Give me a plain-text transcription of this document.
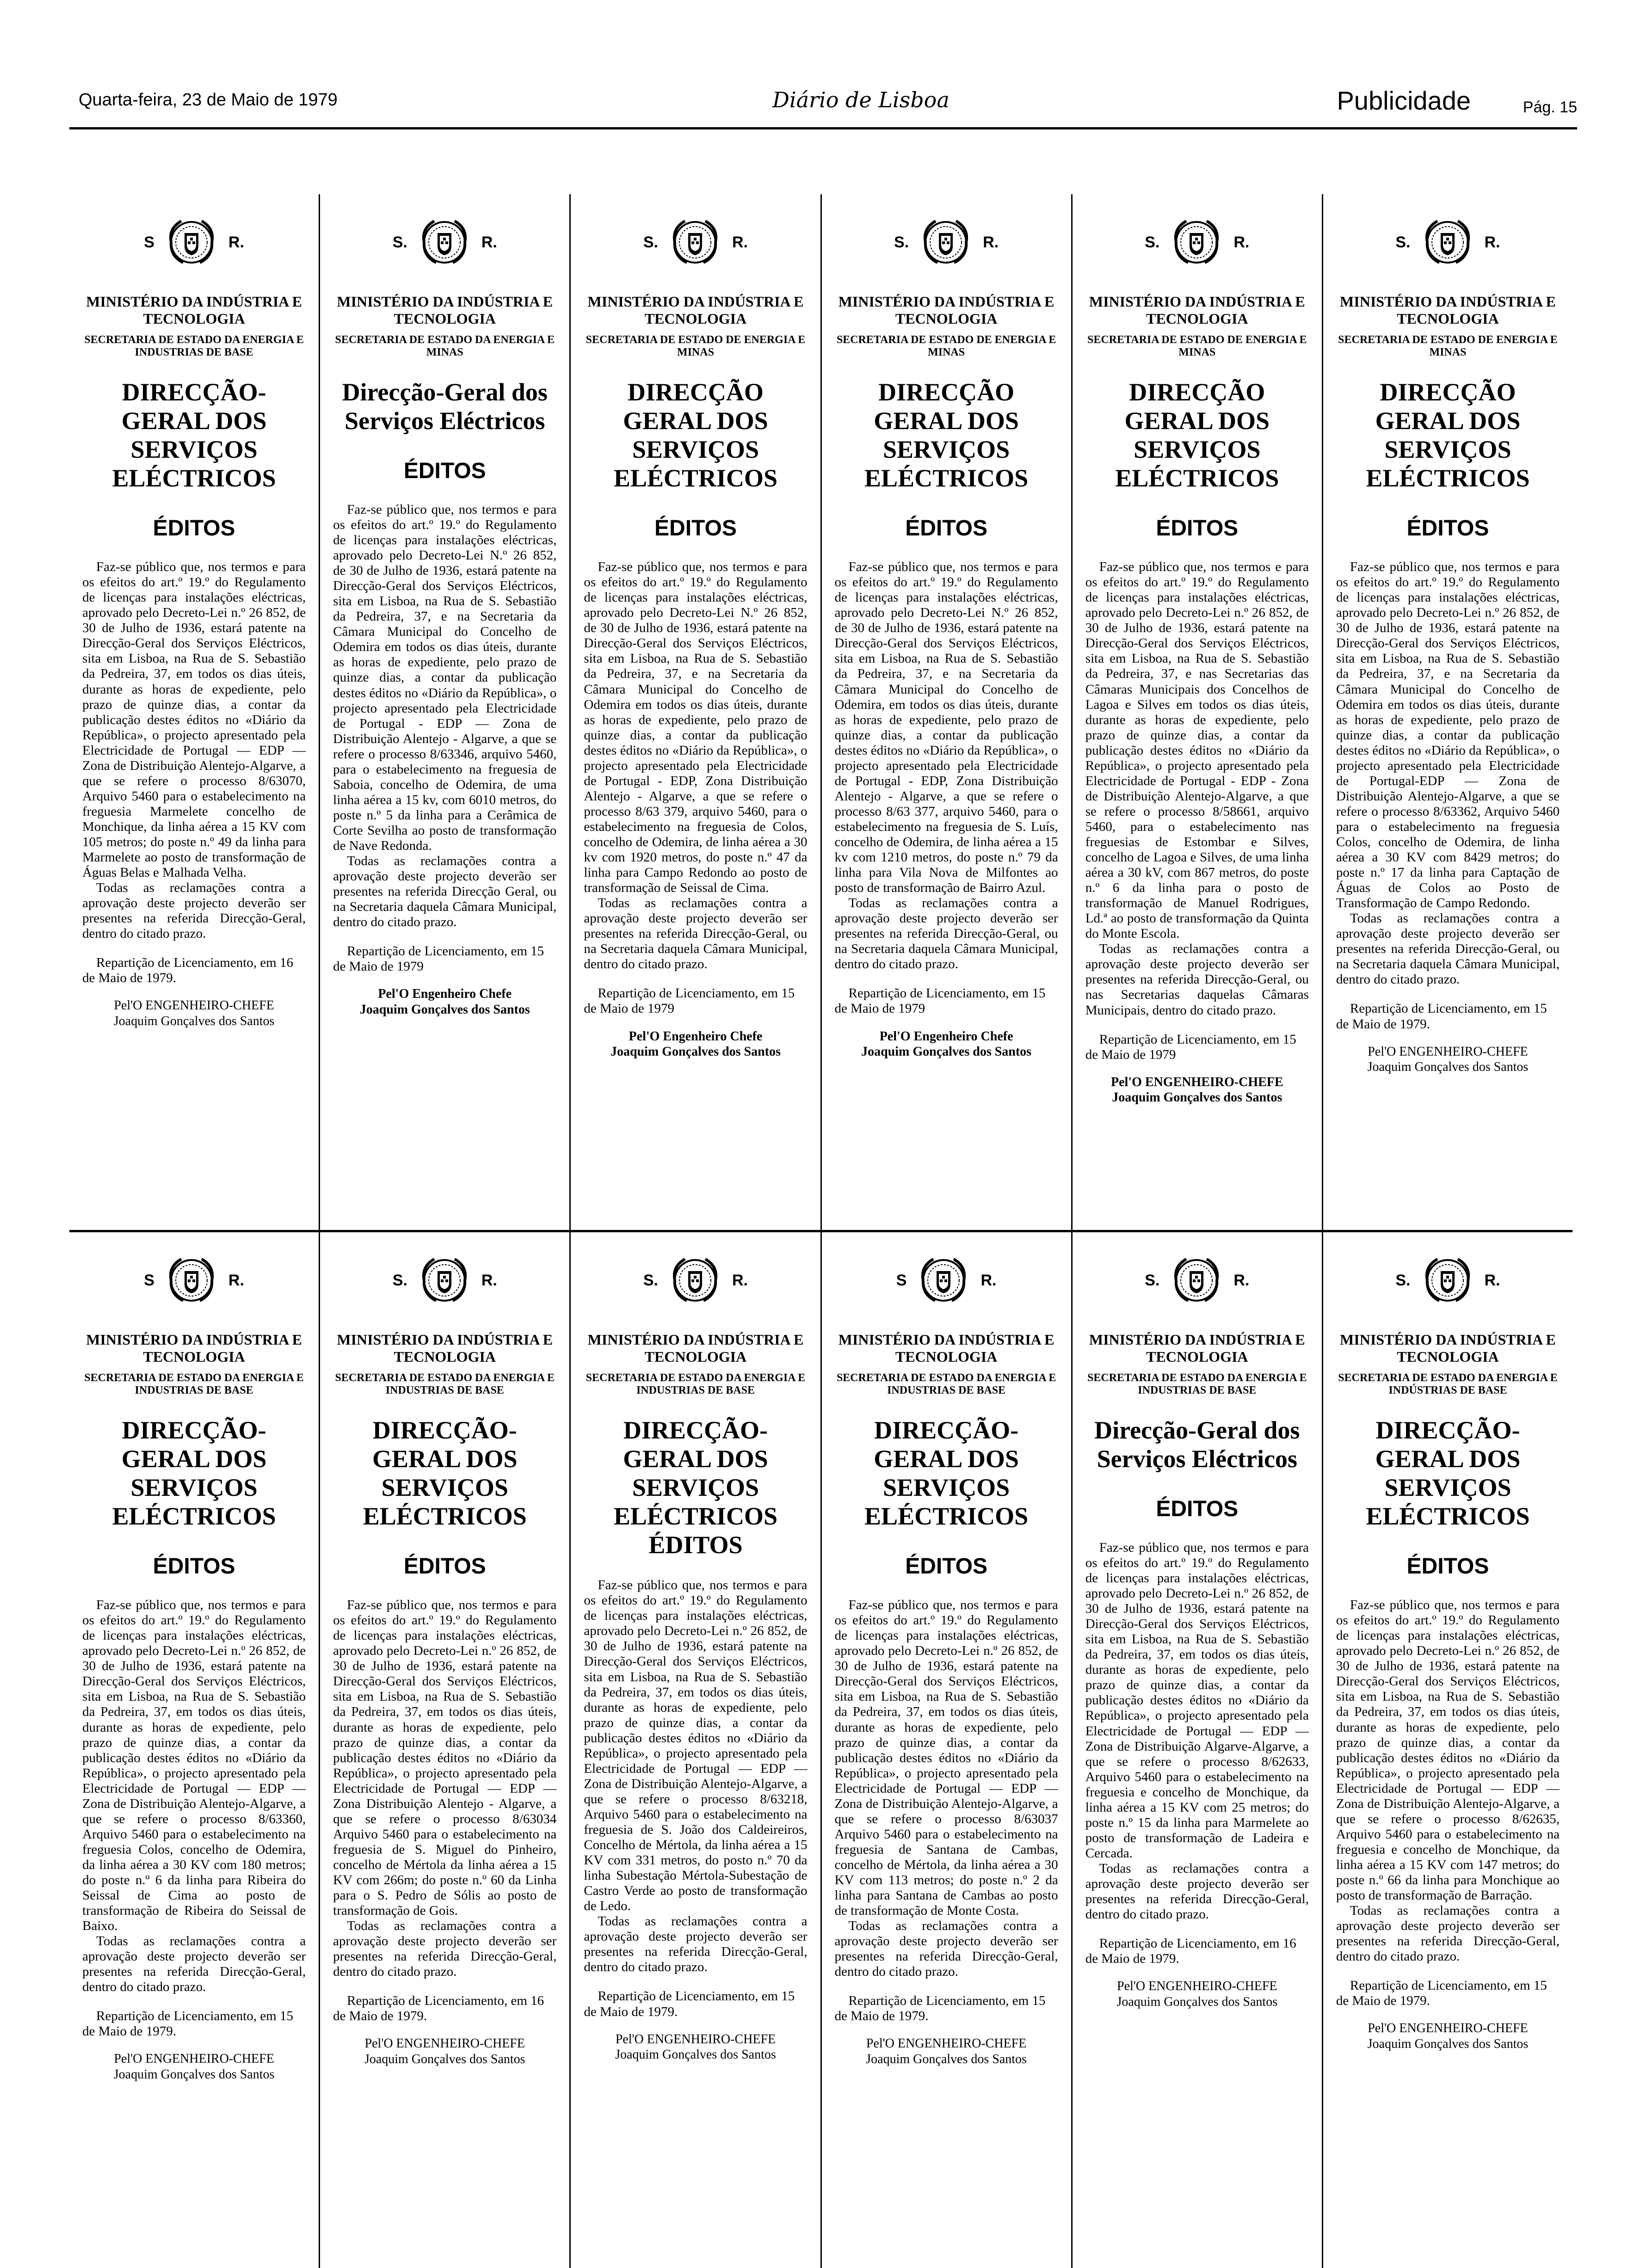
Quarta-feira, 23 de Maio de 1979	Diário de Lisboa	Publicidade	Pág. 15
S	R.
MINISTÉRIO DA INDÚSTRIA E TECNOLOGIA
SECRETARIA DE ESTADO DA ENERGIA E INDUSTRIAS DE BASE
DIRECÇÃO-GERAL DOS SERVIÇOS ELÉCTRICOS
ÉDITOS

Faz-se público que, nos termos e para os efeitos do art.º 19.º do Regulamento de licenças para instalações eléctricas, aprovado pelo Decreto-Lei n.º 26 852, de 30 de Julho de 1936, estará patente na Direcção-Geral dos Serviços Eléctricos, sita em Lisboa, na Rua de S. Sebastião da Pedreira, 37, em todos os dias úteis, durante as horas de expediente, pelo prazo de quinze dias, a contar da publicação destes éditos no «Diário da República», o projecto apresentado pela Electricidade de Portugal — EDP — Zona de Distribuição Alentejo-Algarve, a que se refere o processo 8/63070, Arquivo 5460 para o estabelecimento na freguesia Marmelete concelho de Monchique, da linha aérea a 15 KV com 105 metros; do poste n.º 49 da linha para Marmelete ao posto de transformação de Águas Belas e Malhada Velha.

Todas as reclamações contra a aprovação deste projecto deverão ser presentes na referida Direcção-Geral, dentro do citado prazo.

Repartição de Licenciamento, em 16 de Maio de 1979.
Pel'O ENGENHEIRO-CHEFE
Joaquim Gonçalves dos Santos
S.	R.
MINISTÉRIO DA INDÚSTRIA E TECNOLOGIA
SECRETARIA DE ESTADO DA ENERGIA E MINAS
Direcção-Geral dos Serviços Eléctricos
ÉDITOS

Faz-se público que, nos termos e para os efeitos do art.º 19.º do Regulamento de licenças para instalações eléctricas, aprovado pelo Decreto-Lei N.º 26 852, de 30 de Julho de 1936, estará patente na Direcção-Geral dos Serviços Eléctricos, sita em Lisboa, na Rua de S. Sebastião da Pedreira, 37, e na Secretaria da Câmara Municipal do Concelho de Odemira em todos os dias úteis, durante as horas de expediente, pelo prazo de quinze dias, a contar da publicação destes éditos no «Diário da República», o projecto apresentado pela Electricidade de Portugal - EDP — Zona de Distribuição Alentejo - Algarve, a que se refere o processo 8/63346, arquivo 5460, para o estabelecimento na freguesia de Saboia, concelho de Odemira, de uma linha aérea a 15 kv, com 6010 metros, do poste n.º 5 da linha para a Cerâmica de Corte Sevilha ao posto de transformação de Nave Redonda.

Todas as reclamações contra a aprovação deste projecto deverão ser presentes na referida Direcção Geral, ou na Secretaria daquela Câmara Municipal, dentro do citado prazo.

Repartição de Licenciamento, em 15 de Maio de 1979
Pel'O Engenheiro Chefe
Joaquim Gonçalves dos Santos
S.	R.
MINISTÉRIO DA INDÚSTRIA E TECNOLOGIA
SECRETARIA DE ESTADO DE ENERGIA E MINAS
DIRECÇÃO GERAL DOS SERVIÇOS ELÉCTRICOS
ÉDITOS

Faz-se público que, nos termos e para os efeitos do art.º 19.º do Regulamento de licenças para instalações eléctricas, aprovado pelo Decreto-Lei N.º 26 852, de 30 de Julho de 1936, estará patente na Direcção-Geral dos Serviços Eléctricos, sita em Lisboa, na Rua de S. Sebastião da Pedreira, 37, e na Secretaria da Câmara Municipal do Concelho de Odemira em todos os dias úteis, durante as horas de expediente, pelo prazo de quinze dias, a contar da publicação destes éditos no «Diário da República», o projecto apresentado pela Electricidade de Portugal - EDP, Zona Distribuição Alentejo - Algarve, a que se refere o processo 8/63 379, arquivo 5460, para o estabelecimento na freguesia de Colos, concelho de Odemira, de linha aérea a 30 kv com 1920 metros, do poste n.º 47 da linha para Campo Redondo ao posto de transformação de Seissal de Cima.

Todas as reclamações contra a aprovação deste projecto deverão ser presentes na referida Direcção-Geral, ou na Secretaria daquela Câmara Municipal, dentro do citado prazo.

Repartição de Licenciamento, em 15 de Maio de 1979
Pel'O Engenheiro Chefe
Joaquim Gonçalves dos Santos
S.	R.
MINISTÉRIO DA INDÚSTRIA E TECNOLOGIA
SECRETARIA DE ESTADO DE ENERGIA E MINAS
DIRECÇÃO GERAL DOS SERVIÇOS ELÉCTRICOS
ÉDITOS

Faz-se público que, nos termos e para os efeitos do art.º 19.º do Regulamento de licenças para instalações eléctricas, aprovado pelo Decreto-Lei N.º 26 852, de 30 de Julho de 1936, estará patente na Direcção-Geral dos Serviços Eléctricos, sita em Lisboa, na Rua de S. Sebastião da Pedreira, 37, e na Secretaria da Câmara Municipal do Concelho de Odemira, em todos os dias úteis, durante as horas de expediente, pelo prazo de quinze dias, a contar da publicação destes éditos no «Diário da República», o projecto apresentado pela Electricidade de Portugal - EDP, Zona Distribuição Alentejo - Algarve, a que se refere o processo 8/63 377, arquivo 5460, para o estabelecimento na freguesia de S. Luís, concelho de Odemira, de linha aérea a 15 kv com 1210 metros, do poste n.º 79 da linha para Vila Nova de Milfontes ao posto de transformação de Bairro Azul.

Todas as reclamações contra a aprovação deste projecto deverão ser presentes na referida Direcção-Geral, ou na Secretaria daquela Câmara Municipal, dentro do citado prazo.

Repartição de Licenciamento, em 15 de Maio de 1979
Pel'O Engenheiro Chefe
Joaquim Gonçalves dos Santos
S.	R.
MINISTÉRIO DA INDÚSTRIA E TECNOLOGIA
SECRETARIA DE ESTADO DE ENERGIA E MINAS
DIRECÇÃO GERAL DOS SERVIÇOS ELÉCTRICOS
ÉDITOS

Faz-se público que, nos termos e para os efeitos do art.º 19.º do Regulamento de licenças para instalações eléctricas, aprovado pelo Decreto-Lei n.º 26 852, de 30 de Julho de 1936, estará patente na Direcção-Geral dos Serviços Eléctricos, sita em Lisboa, na Rua de S. Sebastião da Pedreira, 37, e nas Secretarias das Câmaras Municipais dos Concelhos de Lagoa e Silves em todos os dias úteis, durante as horas de expediente, pelo prazo de quinze dias, a contar da publicação destes éditos no «Diário da República», o projecto apresentado pela Electricidade de Portugal - EDP - Zona de Distribuição Alentejo-Algarve, a que se refere o processo 8/58661, arquivo 5460, para o estabelecimento nas freguesias de Estombar e Silves, concelho de Lagoa e Silves, de uma linha aérea a 30 kV, com 867 metros, do poste n.º 6 da linha para o posto de transformação de Manuel Rodrigues, Ld.ª ao posto de transformação da Quinta do Monte Escola.

Todas as reclamações contra a aprovação deste projecto deverão ser presentes na referida Direcção-Geral, ou nas Secretarias daquelas Câmaras Municipais, dentro do citado prazo.

Repartição de Licenciamento, em 15 de Maio de 1979
Pel'O ENGENHEIRO-CHEFE
Joaquim Gonçalves dos Santos
S.	R.
MINISTÉRIO DA INDÚSTRIA E TECNOLOGIA
SECRETARIA DE ESTADO DE ENERGIA E MINAS
DIRECÇÃO GERAL DOS SERVIÇOS ELÉCTRICOS
ÉDITOS

Faz-se público que, nos termos e para os efeitos do art.º 19.º do Regulamento de licenças para instalações eléctricas, aprovado pelo Decreto-Lei n.º 26 852, de 30 de Julho de 1936, estará patente na Direcção-Geral dos Serviços Eléctricos, sita em Lisboa, na Rua de S. Sebastião da Pedreira, 37, e na Secretaria da Câmara Municipal do Concelho de Odemira em todos os dias úteis, durante as horas de expediente, pelo prazo de quinze dias, a contar da publicação destes éditos no «Diário da República», o projecto apresentado pela Electricidade de Portugal-EDP — Zona de Distribuição Alentejo-Algarve, a que se refere o processo 8/63362, Arquivo 5460 para o estabelecimento na freguesia Colos, concelho de Odemira, de linha aérea a 30 KV com 8429 metros; do poste n.º 17 da linha para Captação de Águas de Colos ao Posto de Transformação de Campo Redondo.

Todas as reclamações contra a aprovação deste projecto deverão ser presentes na referida Direcção-Geral, ou na Secretaria daquela Câmara Municipal, dentro do citado prazo.

Repartição de Licenciamento, em 15 de Maio de 1979.
Pel'O ENGENHEIRO-CHEFE
Joaquim Gonçalves dos Santos
S	R.
MINISTÉRIO DA INDÚSTRIA E TECNOLOGIA
SECRETARIA DE ESTADO DA ENERGIA E INDUSTRIAS DE BASE
DIRECÇÃO-GERAL DOS SERVIÇOS ELÉCTRICOS
ÉDITOS

Faz-se público que, nos termos e para os efeitos do art.º 19.º do Regulamento de licenças para instalações eléctricas, aprovado pelo Decreto-Lei n.º 26 852, de 30 de Julho de 1936, estará patente na Direcção-Geral dos Serviços Eléctricos, sita em Lisboa, na Rua de S. Sebastião da Pedreira, 37, em todos os dias úteis, durante as horas de expediente, pelo prazo de quinze dias, a contar da publicação destes éditos no «Diário da República», o projecto apresentado pela Electricidade de Portugal — EDP — Zona de Distribuição Alentejo-Algarve, a que se refere o processo 8/63360, Arquivo 5460 para o estabelecimento na freguesia Colos, concelho de Odemira, da linha aérea a 30 KV com 180 metros; do poste n.º 6 da linha para Ribeira do Seissal de Cima ao posto de transformação de Ribeira do Seissal de Baixo.

Todas as reclamações contra a aprovação deste projecto deverão ser presentes na referida Direcção-Geral, dentro do citado prazo.

Repartição de Licenciamento, em 15 de Maio de 1979.
Pel'O ENGENHEIRO-CHEFE
Joaquim Gonçalves dos Santos
S.	R.
MINISTÉRIO DA INDÚSTRIA E TECNOLOGIA
SECRETARIA DE ESTADO DA ENERGIA E INDUSTRIAS DE BASE
DIRECÇÃO-GERAL DOS SERVIÇOS ELÉCTRICOS
ÉDITOS

Faz-se público que, nos termos e para os efeitos do art.º 19.º do Regulamento de licenças para instalações eléctricas, aprovado pelo Decreto-Lei n.º 26 852, de 30 de Julho de 1936, estará patente na Direcção-Geral dos Serviços Eléctricos, sita em Lisboa, na Rua de S. Sebastião da Pedreira, 37, em todos os dias úteis, durante as horas de expediente, pelo prazo de quinze dias, a contar da publicação destes éditos no «Diário da República», o projecto apresentado pela Electricidade de Portugal — EDP — Zona Distribuição Alentejo - Algarve, a que se refere o processo 8/63034 Arquivo 5460 para o estabelecimento na freguesia de S. Miguel do Pinheiro, concelho de Mértola da linha aérea a 15 KV com 266m; do poste n.º 60 da Linha para o S. Pedro de Sólis ao posto de transformação de Gois.

Todas as reclamações contra a aprovação deste projecto deverão ser presentes na referida Direcção-Geral, dentro do citado prazo.

Repartição de Licenciamento, em 16 de Maio de 1979.
Pel'O ENGENHEIRO-CHEFE
Joaquim Gonçalves dos Santos
S.	R.
MINISTÉRIO DA INDÚSTRIA E TECNOLOGIA
SECRETARIA DE ESTADO DA ENERGIA E INDUSTRIAS DE BASE
DIRECÇÃO-GERAL DOS SERVIÇOS ELÉCTRICOS ÉDITOS

Faz-se público que, nos termos e para os efeitos do art.º 19.º do Regulamento de licenças para instalações eléctricas, aprovado pelo Decreto-Lei n.º 26 852, de 30 de Julho de 1936, estará patente na Direcção-Geral dos Serviços Eléctricos, sita em Lisboa, na Rua de S. Sebastião da Pedreira, 37, em todos os dias úteis, durante as horas de expediente, pelo prazo de quinze dias, a contar da publicação destes éditos no «Diário da República», o projecto apresentado pela Electricidade de Portugal — EDP — Zona de Distribuição Alentejo-Algarve, a que se refere o processo 8/63218, Arquivo 5460 para o estabelecimento na freguesia de S. João dos Caldeireiros, Concelho de Mértola, da linha aérea a 15 KV com 331 metros, do posto n.º 70 da linha Subestação Mértola-Subestação de Castro Verde ao posto de transformação de Ledo.

Todas as reclamações contra a aprovação deste projecto deverão ser presentes na referida Direcção-Geral, dentro do citado prazo.

Repartição de Licenciamento, em 15 de Maio de 1979.
Pel'O ENGENHEIRO-CHEFE
Joaquim Gonçalves dos Santos
S	R.
MINISTÉRIO DA INDÚSTRIA E TECNOLOGIA
SECRETARIA DE ESTADO DA ENERGIA E INDUSTRIAS DE BASE
DIRECÇÃO-GERAL DOS SERVIÇOS ELÉCTRICOS
ÉDITOS

Faz-se público que, nos termos e para os efeitos do art.º 19.º do Regulamento de licenças para instalações eléctricas, aprovado pelo Decreto-Lei n.º 26 852, de 30 de Julho de 1936, estará patente na Direcção-Geral dos Serviços Eléctricos, sita em Lisboa, na Rua de S. Sebastião da Pedreira, 37, em todos os dias úteis, durante as horas de expediente, pelo prazo de quinze dias, a contar da publicação destes éditos no «Diário da República», o projecto apresentado pela Electricidade de Portugal — EDP — Zona de Distribuição Alentejo-Algarve, a que se refere o processo 8/63037 Arquivo 5460 para o estabelecimento na freguesia de Santana de Cambas, concelho de Mértola, da linha aérea a 30 KV com 113 metros; do poste n.º 2 da linha para Santana de Cambas ao posto de transformação de Monte Costa.

Todas as reclamações contra a aprovação deste projecto deverão ser presentes na referida Direcção-Geral, dentro do citado prazo.

Repartição de Licenciamento, em 15 de Maio de 1979.
Pel'O ENGENHEIRO-CHEFE
Joaquim Gonçalves dos Santos
S.	R.
MINISTÉRIO DA INDÚSTRIA E TECNOLOGIA
SECRETARIA DE ESTADO DA ENERGIA E INDUSTRIAS DE BASE
Direcção-Geral dos Serviços Eléctricos
ÉDITOS

Faz-se público que, nos termos e para os efeitos do art.º 19.º do Regulamento de licenças para instalações eléctricas, aprovado pelo Decreto-Lei n.º 26 852, de 30 de Julho de 1936, estará patente na Direcção-Geral dos Serviços Eléctricos, sita em Lisboa, na Rua de S. Sebastião da Pedreira, 37, em todos os dias úteis, durante as horas de expediente, pelo prazo de quinze dias, a contar da publicação destes éditos no «Diário da República», o projecto apresentado pela Electricidade de Portugal — EDP — Zona de Distribuição Algarve-Algarve, a que se refere o processo 8/62633, Arquivo 5460 para o estabelecimento na freguesia e concelho de Monchique, da linha aérea a 15 KV com 25 metros; do poste n.º 15 da linha para Marmelete ao posto de transformação de Ladeira e Cercada.

Todas as reclamações contra a aprovação deste projecto deverão ser presentes na referida Direcção-Geral, dentro do citado prazo.

Repartição de Licenciamento, em 16 de Maio de 1979.
Pel'O ENGENHEIRO-CHEFE
Joaquim Gonçalves dos Santos
S.	R.
MINISTÉRIO DA INDÚSTRIA E TECNOLOGIA
SECRETARIA DE ESTADO DA ENERGIA E INDÚSTRIAS DE BASE
DIRECÇÃO-GERAL DOS SERVIÇOS ELÉCTRICOS
ÉDITOS

Faz-se público que, nos termos e para os efeitos do art.º 19.º do Regulamento de licenças para instalações eléctricas, aprovado pelo Decreto-Lei n.º 26 852, de 30 de Julho de 1936, estará patente na Direcção-Geral dos Serviços Eléctricos, sita em Lisboa, na Rua de S. Sebastião da Pedreira, 37, em todos os dias úteis, durante as horas de expediente, pelo prazo de quinze dias, a contar da publicação destes éditos no «Diário da República», o projecto apresentado pela Electricidade de Portugal — EDP — Zona de Distribuição Alentejo-Algarve, a que se refere o processo 8/62635, Arquivo 5460 para o estabelecimento na freguesia e concelho de Monchique, da linha aérea a 15 KV com 147 metros; do poste n.º 66 da linha para Monchique ao posto de transformação de Barração.

Todas as reclamações contra a aprovação deste projecto deverão ser presentes na referida Direcção-Geral, dentro do citado prazo.

Repartição de Licenciamento, em 15 de Maio de 1979.
Pel'O ENGENHEIRO-CHEFE
Joaquim Gonçalves dos Santos
